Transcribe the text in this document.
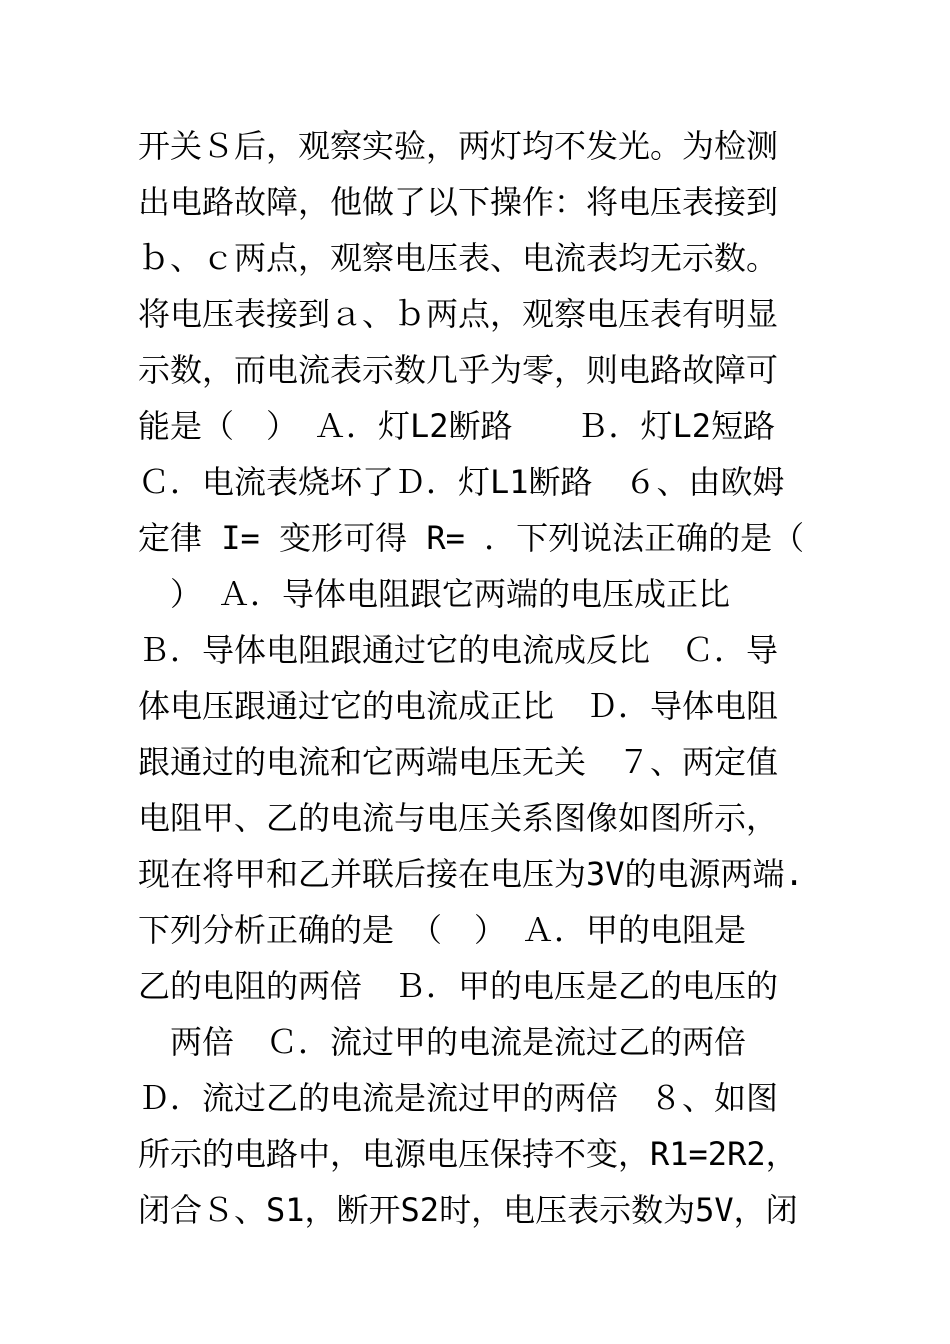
开关Ｓ后，观察实验，两灯均不发光。为检测
出电路故障，他做了以下操作：将电压表接到
ｂ、ｃ两点，观察电压表、电流表均无示数。
将电压表接到ａ、ｂ两点，观察电压表有明显
示数，而电流表示数几乎为零，则电路故障可
能是（　）　Ａ．灯L2断路　　Ｂ．灯L2短路
Ｃ．电流表烧坏了Ｄ．灯L1断路　６、由欧姆
定律 I= 变形可得 R= ．下列说法正确的是（
　）　Ａ．导体电阻跟它两端的电压成正比
Ｂ．导体电阻跟通过它的电流成反比　Ｃ．导
体电压跟通过它的电流成正比　Ｄ．导体电阻
跟通过的电流和它两端电压无关　７、两定值
电阻甲、乙的电流与电压关系图像如图所示，
现在将甲和乙并联后接在电压为3V的电源两端.
下列分析正确的是　（　）　Ａ．甲的电阻是
乙的电阻的两倍　Ｂ．甲的电压是乙的电压的
　两倍　Ｃ．流过甲的电流是流过乙的两倍
Ｄ．流过乙的电流是流过甲的两倍　８、如图
所示的电路中，电源电压保持不变，R1=2R2，
闭合Ｓ、S1，断开S2时，电压表示数为5V，闭
